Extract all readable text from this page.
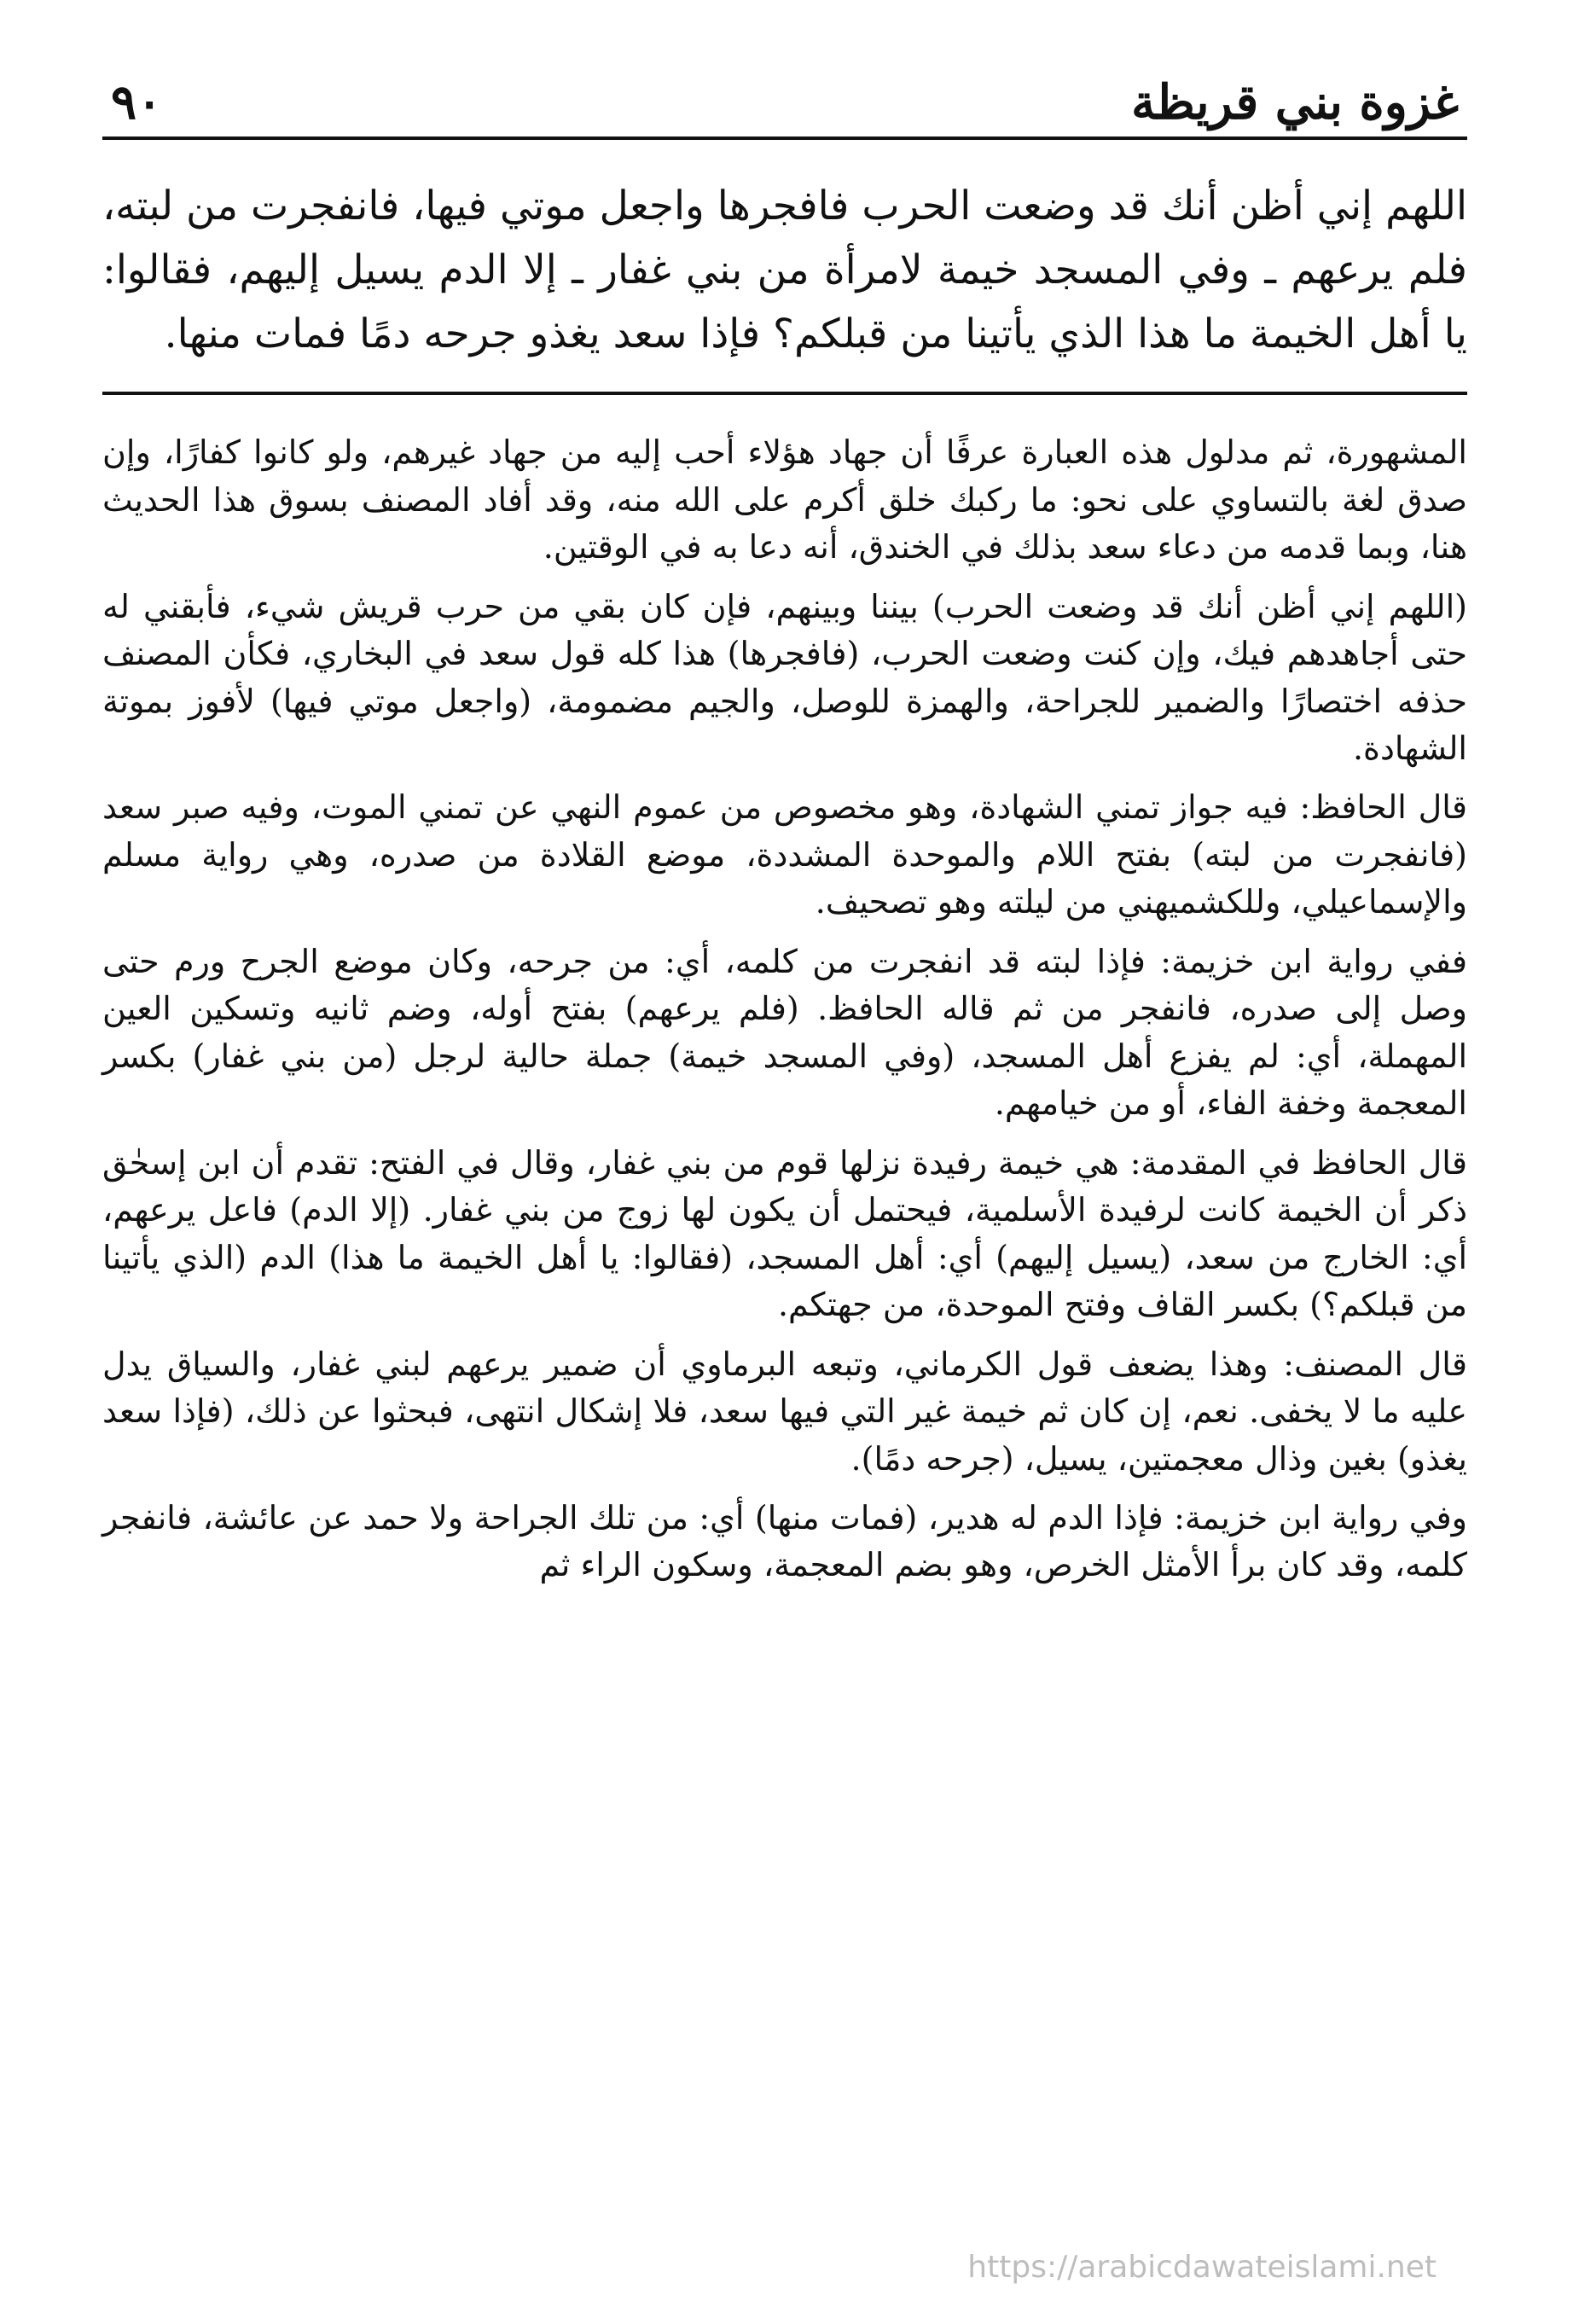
غزوة بني قريظة
٩٠
اللهم إني أظن أنك قد وضعت الحرب فافجرها واجعل موتي فيها، فانفجرت من لبته، فلم يرعهم ـ وفي المسجد خيمة لامرأة من بني غفار ـ إلا الدم يسيل إليهم، فقالوا: يا أهل الخيمة ما هذا الذي يأتينا من قبلكم؟ فإذا سعد يغذو جرحه دمًا فمات منها.

المشهورة، ثم مدلول هذه العبارة عرفًا أن جهاد هؤلاء أحب إليه من جهاد غيرهم، ولو كانوا كفارًا، وإن صدق لغة بالتساوي على نحو: ما ركبك خلق أكرم على الله منه، وقد أفاد المصنف بسوق هذا الحديث هنا، وبما قدمه من دعاء سعد بذلك في الخندق، أنه دعا به في الوقتين.

(اللهم إني أظن أنك قد وضعت الحرب) بيننا وبينهم، فإن كان بقي من حرب قريش شيء، فأبقني له حتى أجاهدهم فيك، وإن كنت وضعت الحرب، (فافجرها) هذا كله قول سعد في البخاري، فكأن المصنف حذفه اختصارًا والضمير للجراحة، والهمزة للوصل، والجيم مضمومة، (واجعل موتي فيها) لأفوز بموتة الشهادة.

قال الحافظ: فيه جواز تمني الشهادة، وهو مخصوص من عموم النهي عن تمني الموت، وفيه صبر سعد (فانفجرت من لبته) بفتح اللام والموحدة المشددة، موضع القلادة من صدره، وهي رواية مسلم والإسماعيلي، وللكشميهني من ليلته وهو تصحيف.

ففي رواية ابن خزيمة: فإذا لبته قد انفجرت من كلمه، أي: من جرحه، وكان موضع الجرح ورم حتى وصل إلى صدره، فانفجر من ثم قاله الحافظ. (فلم يرعهم) بفتح أوله، وضم ثانيه وتسكين العين المهملة، أي: لم يفزع أهل المسجد، (وفي المسجد خيمة) جملة حالية لرجل (من بني غفار) بكسر المعجمة وخفة الفاء، أو من خيامهم.

قال الحافظ في المقدمة: هي خيمة رفيدة نزلها قوم من بني غفار، وقال في الفتح: تقدم أن ابن إسحٰق ذكر أن الخيمة كانت لرفيدة الأسلمية، فيحتمل أن يكون لها زوج من بني غفار. (إلا الدم) فاعل يرعهم، أي: الخارج من سعد، (يسيل إليهم) أي: أهل المسجد، (فقالوا: يا أهل الخيمة ما هذا) الدم (الذي يأتينا من قبلكم؟) بكسر القاف وفتح الموحدة، من جهتكم.

قال المصنف: وهذا يضعف قول الكرماني، وتبعه البرماوي أن ضمير يرعهم لبني غفار، والسياق يدل عليه ما لا يخفى. نعم، إن كان ثم خيمة غير التي فيها سعد، فلا إشكال انتهى، فبحثوا عن ذلك، (فإذا سعد يغذو) بغين وذال معجمتين، يسيل، (جرحه دمًا).

وفي رواية ابن خزيمة: فإذا الدم له هدير، (فمات منها) أي: من تلك الجراحة ولا حمد عن عائشة، فانفجر كلمه، وقد كان برأ الأمثل الخرص، وهو بضم المعجمة، وسكون الراء ثم

https://arabicdawateislami.net
